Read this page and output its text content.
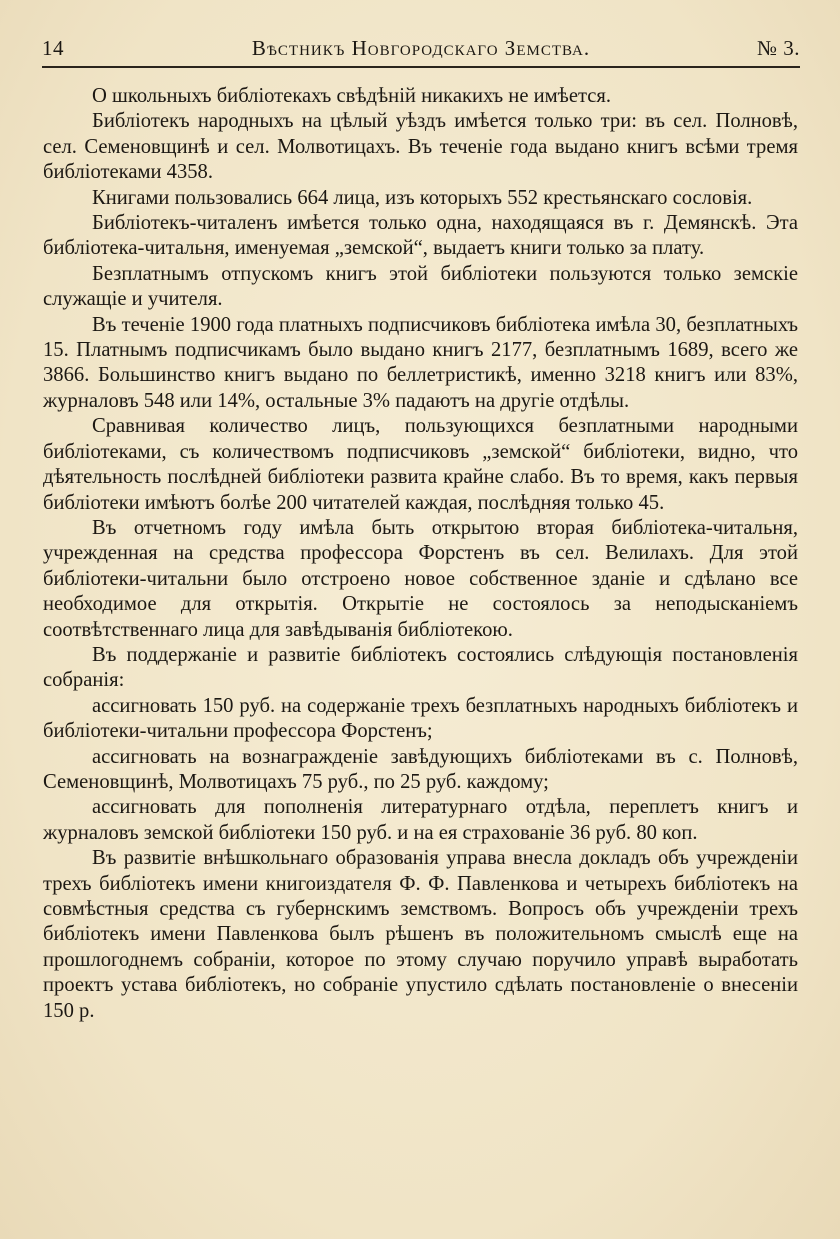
14	Вѣстникъ Новгородскаго Земства.	№ 3.

О школьныхъ библіотекахъ свѣдѣній никакихъ не имѣется.

Библіотекъ народныхъ на цѣлый уѣздъ имѣется только три: въ сел. Полновѣ, сел. Семеновщинѣ и сел. Молвотицахъ. Въ теченіе года выдано книгъ всѣми тремя библіотеками 4358.

Книгами пользовались 664 лица, изъ которыхъ 552 крестьянскаго сословія.

Библіотекъ-читаленъ имѣется только одна, находящаяся въ г. Демянскѣ. Эта библіотека-читальня, именуемая „земской“, выдаетъ книги только за плату.

Безплатнымъ отпускомъ книгъ этой библіотеки пользуются только земскіе служащіе и учителя.

Въ теченіе 1900 года платныхъ подписчиковъ библіотека имѣла 30, безплатныхъ 15. Платнымъ подписчикамъ было выдано книгъ 2177, безплатнымъ 1689, всего же 3866. Большинство книгъ выдано по беллетристикѣ, именно 3218 книгъ или 83%, журналовъ 548 или 14%, остальные 3% падаютъ на другіе отдѣлы.

Сравнивая количество лицъ, пользующихся безплатными народными библіотеками, съ количествомъ подписчиковъ „земской“ библіотеки, видно, что дѣятельность послѣдней библіотеки развита крайне слабо. Въ то время, какъ первыя библіотеки имѣютъ болѣе 200 читателей каждая, послѣдняя только 45.

Въ отчетномъ году имѣла быть открытою вторая библіотека-читальня, учрежденная на средства профессора Форстенъ въ сел. Велилахъ. Для этой библіотеки-читальни было отстроено новое собственное зданіе и сдѣлано все необходимое для открытія. Открытіе не состоялось за неподысканіемъ соотвѣтственнаго лица для завѣдыванія библіотекою.

Въ поддержаніе и развитіе библіотекъ состоялись слѣдующія постановленія собранія:

ассигновать 150 руб. на содержаніе трехъ безплатныхъ народныхъ библіотекъ и библіотеки-читальни профессора Форстенъ;

ассигновать на вознагражденіе завѣдующихъ библіотеками въ с. Полновѣ, Семеновщинѣ, Молвотицахъ 75 руб., по 25 руб. каждому;

ассигновать для пополненія литературнаго отдѣла, переплетъ книгъ и журналовъ земской библіотеки 150 руб. и на ея страхованіе 36 руб. 80 коп.

Въ развитіе внѣшкольнаго образованія управа внесла докладъ объ учрежденіи трехъ библіотекъ имени книгоиздателя Ф. Ф. Павленкова и четырехъ библіотекъ на совмѣстныя средства съ губернскимъ земствомъ. Вопросъ объ учрежденіи трехъ библіотекъ имени Павленкова былъ рѣшенъ въ положительномъ смыслѣ еще на прошлогоднемъ собраніи, которое по этому случаю поручило управѣ выработать проектъ устава библіотекъ, но собраніе упустило сдѣлать постановленіе о внесеніи 150 р.
